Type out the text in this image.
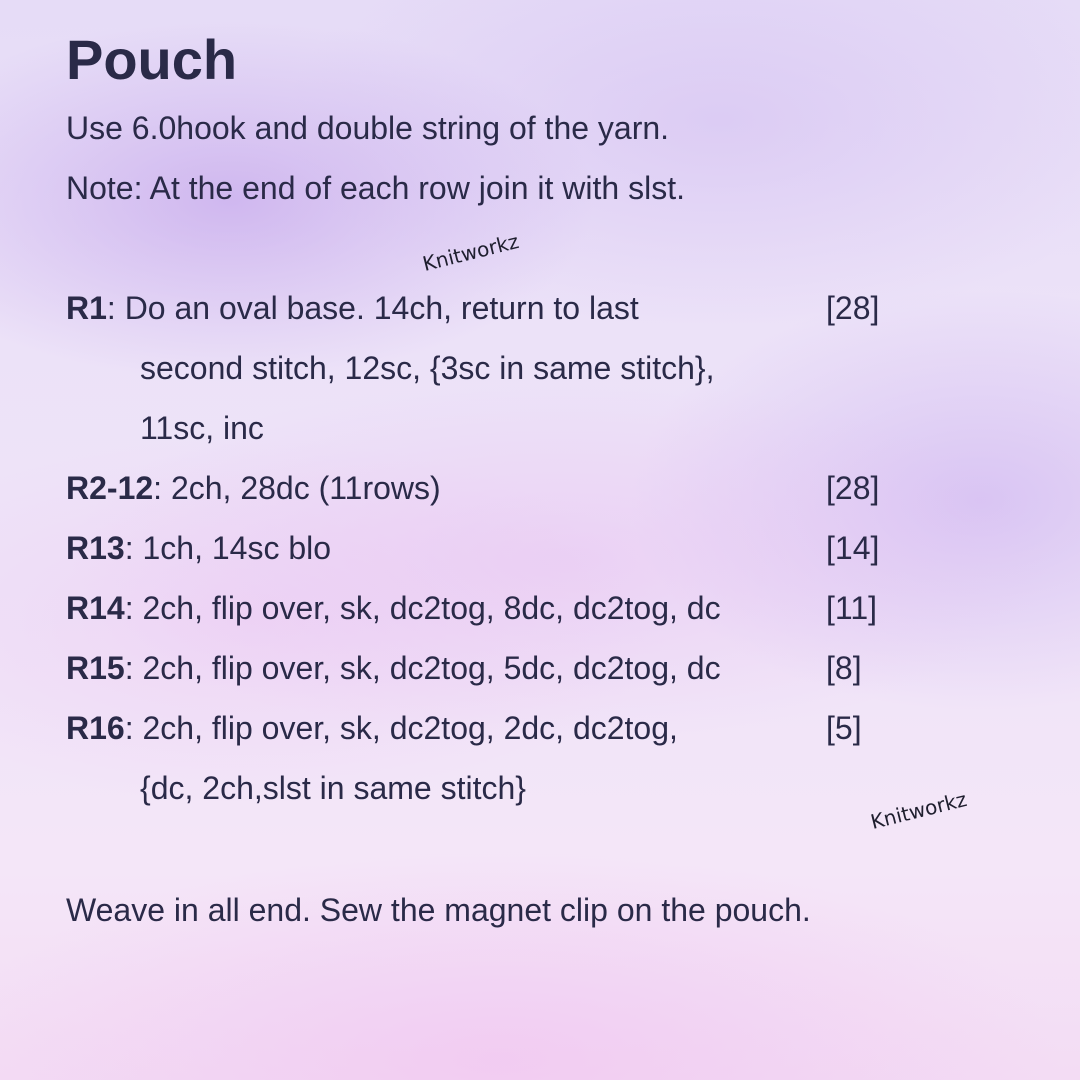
Pouch
Use 6.0hook and double string of the yarn.
Note: At the end of each row join it with slst.
Knitworkz
R1: Do an oval base. 14ch, return to last	[28]
second stitch, 12sc, {3sc in same stitch},
11sc, inc
R2-12: 2ch, 28dc (11rows)	[28]
R13: 1ch, 14sc blo	[14]
R14: 2ch, flip over, sk, dc2tog, 8dc, dc2tog, dc	[11]
R15: 2ch, flip over, sk, dc2tog, 5dc, dc2tog, dc	[8]
R16: 2ch, flip over, sk, dc2tog, 2dc, dc2tog,	[5]
{dc, 2ch,slst in same stitch}	Knitworkz
Weave in all end. Sew the magnet clip on the pouch.
